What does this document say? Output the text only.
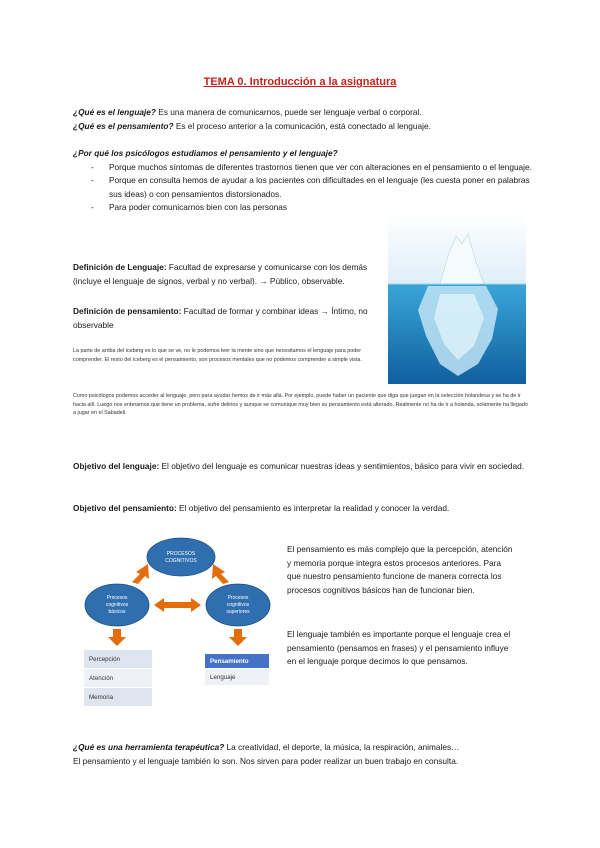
TEMA 0. Introducción a la asignatura
¿Qué es el lenguaje? Es una manera de comunicarnos, puede ser lenguaje verbal o corporal.
¿Qué es el pensamiento? Es el proceso anterior a la comunicación, está conectado al lenguaje.
¿Por qué los psicólogos estudiamos el pensamiento y el lenguaje?
- Porque muchos síntomas de diferentes trastornos tienen que ver con alteraciones en el pensamiento o el lenguaje.
- Porque en consulta hemos de ayudar a los pacientes con dificultades en el lenguaje (les cuesta poner en palabras sus ideas) o con pensamientos distorsionados.
- Para poder comunicarnos bien con las personas
Definición de Lenguaje: Facultad de expresarse y comunicarse con los demás (incluye el lenguaje de signos, verbal y no verbal). → Público, observable.
Definición de pensamiento: Facultad de formar y combinar ideas → Íntimo, no observable
La parte de arriba del iceberg es lo que se ve, no le podemos leer la mente sino que necesitamos el lenguaje para poder comprender. El resto del iceberg es el pensamiento, son procesos mentales que no podemos comprender a simple vista.
Como psicólogos podemos acceder al lenguaje, pero para ayudar hemos de ir más allá. Por ejemplo, puede haber un paciente que diga que juegan en la selección holandesa y se ha de ir hacia allí. Luego nos enteramos que tiene un problema, sufre delirios y aunque se comunique muy bien su pensamiento está alterado. Realmente no ha de ir a holanda, solamente ha llegado a jugar en el Sabadell.
Objetivo del lenguaje: El objetivo del lenguaje es comunicar nuestras ideas y sentimientos, básico para vivir en sociedad.
Objetivo del pensamiento: El objetivo del pensamiento es interpretar la realidad y conocer la verdad.
PROCESOS
COGNITIVOS
Procesos
cognitivos
básicos
Procesos
cognitivos
superiores
Percepción
Atención
Memoria
Pensamiento
Lenguaje
El pensamiento es más complejo que la percepción, atención y memoria porque integra estos procesos anteriores. Para que nuestro pensamiento funcione de manera correcta los procesos cognitivos básicos han de funcionar bien.
El lenguaje también es importante porque el lenguaje crea el pensamiento (pensamos en frases) y el pensamiento influye en el lenguaje porque decimos lo que pensamos.
¿Qué es una herramienta terapéutica? La creatividad, el deporte, la música, la respiración, animales…
El pensamiento y el lenguaje también lo son. Nos sirven para poder realizar un buen trabajo en consulta.
